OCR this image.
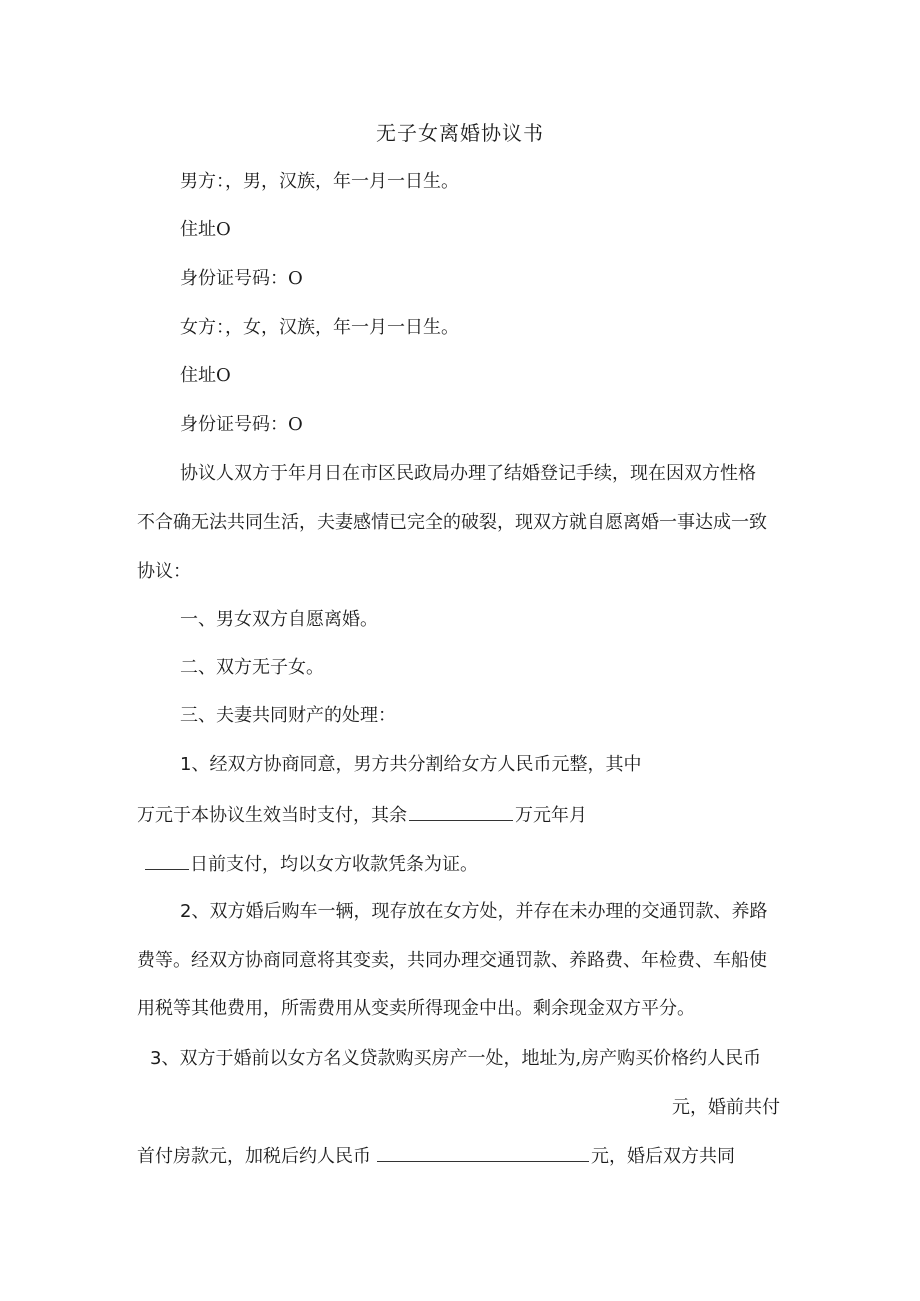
无子女离婚协议书
男方：，男，汉族，年一月一日生。
住址O
身份证号码：O
女方：，女，汉族，年一月一日生。
住址O
身份证号码：O
协议人双方于年月日在市区民政局办理了结婚登记手续，现在因双方性格
不合确无法共同生活，夫妻感情已完全的破裂，现双方就自愿离婚一事达成一致
协议：
一、男女双方自愿离婚。
二、双方无子女。
三、夫妻共同财产的处理：
1、经双方协商同意，男方共分割给女方人民币元整，其中
万元于本协议生效当时支付，其余	万元年月
日前支付，均以女方收款凭条为证。
2、双方婚后购车一辆，现存放在女方处，并存在未办理的交通罚款、养路
费等。经双方协商同意将其变卖，共同办理交通罚款、养路费、年检费、车船使
用税等其他费用，所需费用从变卖所得现金中出。剩余现金双方平分。
3、双方于婚前以女方名义贷款购买房产一处，地址为,房产购买价格约人民币
元，婚前共付
首付房款元，加税后约人民币	元，婚后双方共同
